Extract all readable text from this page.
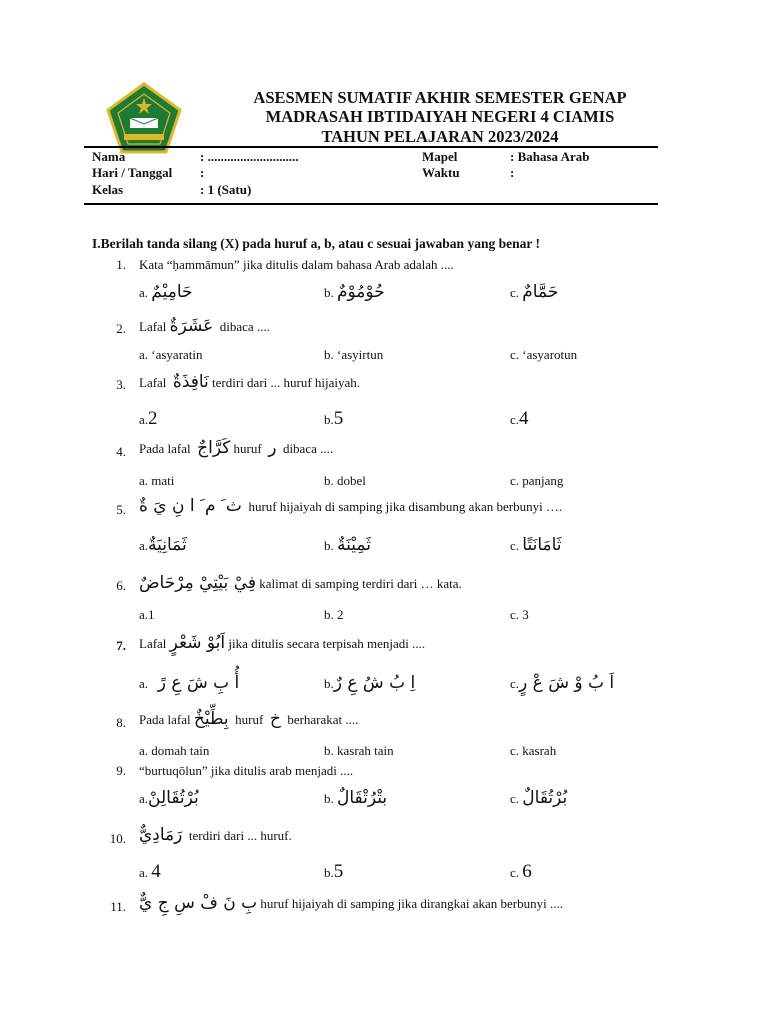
ASESMEN SUMATIF AKHIR SEMESTER GENAP
MADRASAH IBTIDAIYAH NEGERI 4 CIAMIS
TAHUN PELAJARAN 2023/2024
Nama	: ............................
Hari / Tanggal :
Kelas	: 1 (Satu)
Mapel	: Bahasa Arab
Waktu	:
I.Berilah tanda silang (X) pada huruf a, b, atau c sesuai jawaban yang benar !
1. Kata “ḥammāmun” jika ditulis dalam bahasa Arab adalah ....
a. حَامِيْمٌ	b. حُوْمُوْمٌ	c. حَمَّامٌ
2. Lafal عَشَرَةٌ dibaca ....
a. ‘asyaratin	b. ‘asyirtun	c. ‘asyarotun
3. Lafal نَافِذَةٌ terdiri dari ... huruf hijaiyah.
a.2	b.5	c.4
4. Pada lafal كَرَّاجٌ huruf ر dibaca ....
a. mati	b. dobel	c. panjang
5. ث َ م َ ا نِ يَ ةٌ huruf hijaiyah di samping jika disambung akan berbunyi ….
a.ثَمَانِيَةٌ	b. ثَمِيْنَةٌ	c. ثَامَانَتًا
6. فِيْ بَيْتِيْ مِرْحَاضٌ kalimat di samping terdiri dari … kata.
a.1	b. 2	c. 3
7. Lafal اَبُوْ شَعْرٍ jika ditulis secara terpisah menjadi ....
a. أُ بِ شَ عِ رً	b.اِ بُ شُ عِ رٌ	c.اَ بُ وْ شَ عْ رٍ
8. Pada lafal بِطِّيْخٌ huruf خ berharakat ....
a. domah tain	b. kasrah tain	c. kasrah
9. “burtuqōlun” jika ditulis arab menjadi ....
a.بُرْتُقَالِنْ	b. بتْرُتْقَالٌ	c. بُرْتُقَالٌ
10. رَمَادِيٌّ terdiri dari ... huruf.
a. 4	b.5	c. 6
11. بِ نَ فْ سِ جِ يٌّ huruf hijaiyah di samping jika dirangkai akan berbunyi ....
